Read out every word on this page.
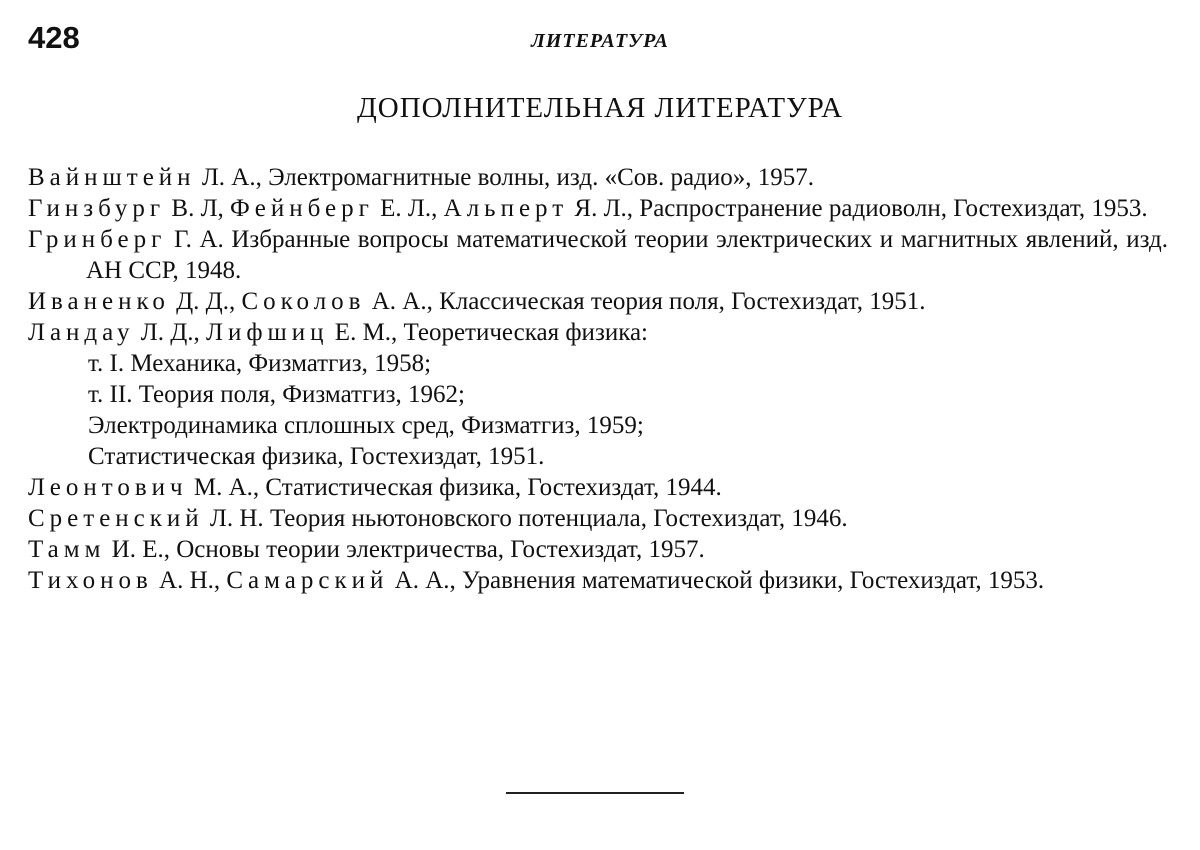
428	ЛИТЕРАТУРА
ДОПОЛНИТЕЛЬНАЯ ЛИТЕРАТУРА
Вайнштейн Л. А., Электромагнитные волны, изд. «Сов. радио», 1957.
Гинзбург В. Л, Фейнберг Е. Л., Альперт Я. Л., Распространение радиоволн, Гостехиздат, 1953.
Гринберг Г. А. Избранные вопросы математической теории электрических и магнитных явлений, изд. АН ССР, 1948.
Иваненко Д. Д., Соколов А. А., Классическая теория поля, Гостехиздат, 1951.
Ландау Л. Д., Лифшиц Е. М., Теоретическая физика:
т. I. Механика, Физматгиз, 1958;
т. II. Теория поля, Физматгиз, 1962;
Электродинамика сплошных сред, Физматгиз, 1959;
Статистическая физика, Гостехиздат, 1951.
Леонтович М. А., Статистическая физика, Гостехиздат, 1944.
Сретенский Л. Н. Теория ньютоновского потенциала, Гостехиздат, 1946.
Тамм И. Е., Основы теории электричества, Гостехиздат, 1957.
Тихонов А. Н., Самарский А. А., Уравнения математической физики, Гостехиздат, 1953.
